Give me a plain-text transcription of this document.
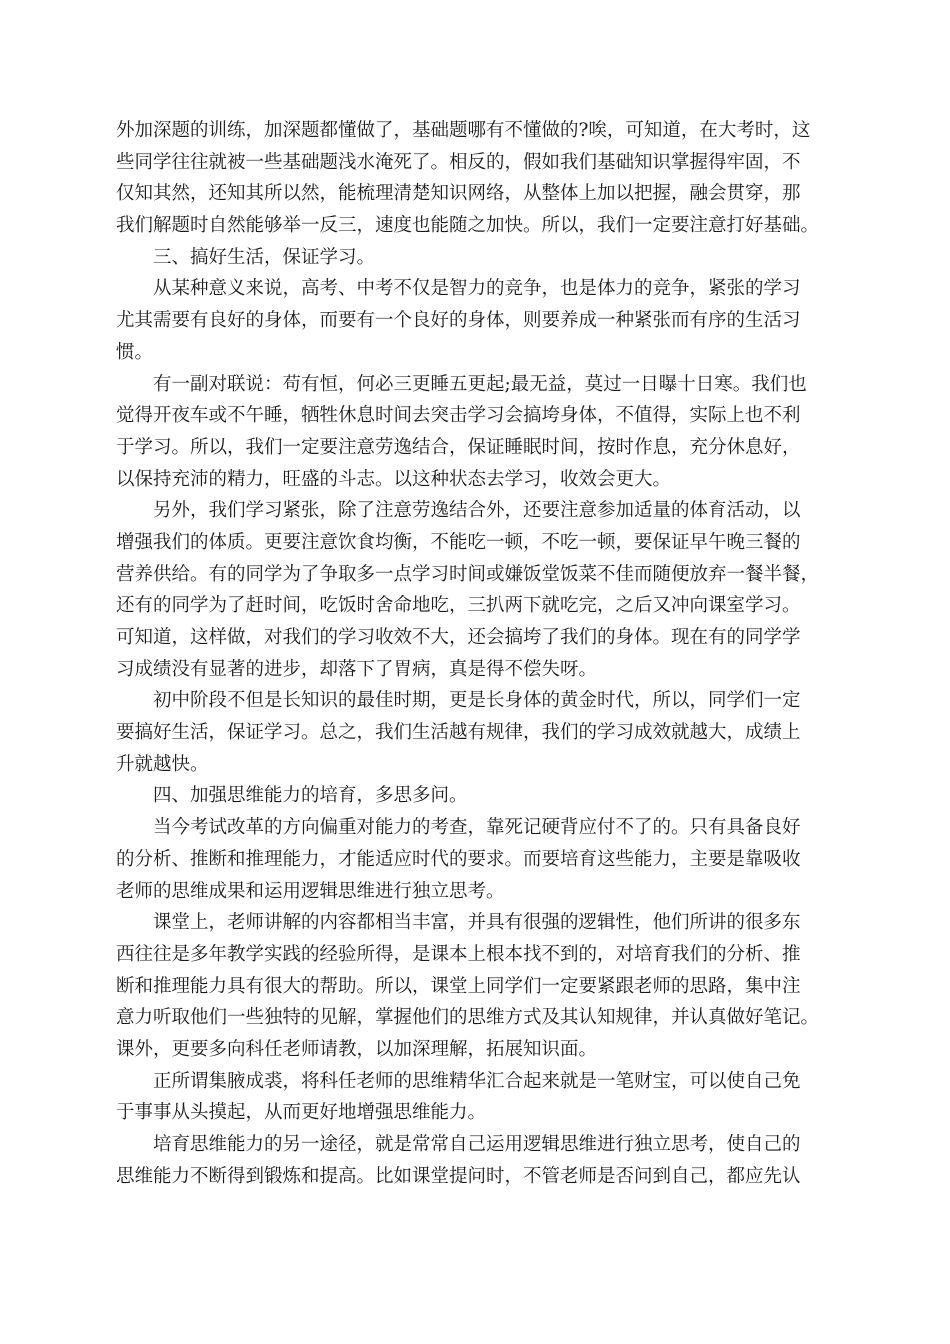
外加深题的训练，加深题都懂做了，基础题哪有不懂做的?唉，可知道，在大考时，这
些同学往往就被一些基础题浅水淹死了。相反的，假如我们基础知识掌握得牢固，不
仅知其然，还知其所以然，能梳理清楚知识网络，从整体上加以把握，融会贯穿，那
我们解题时自然能够举一反三，速度也能随之加快。所以，我们一定要注意打好基础。
三、搞好生活，保证学习。
从某种意义来说，高考、中考不仅是智力的竞争，也是体力的竞争，紧张的学习
尤其需要有良好的身体，而要有一个良好的身体，则要养成一种紧张而有序的生活习
惯。
有一副对联说：苟有恒，何必三更睡五更起;最无益，莫过一日曝十日寒。我们也
觉得开夜车或不午睡，牺牲休息时间去突击学习会搞垮身体，不值得，实际上也不利
于学习。所以，我们一定要注意劳逸结合，保证睡眠时间，按时作息，充分休息好，
以保持充沛的精力，旺盛的斗志。以这种状态去学习，收效会更大。
另外，我们学习紧张，除了注意劳逸结合外，还要注意参加适量的体育活动，以
增强我们的体质。更要注意饮食均衡，不能吃一顿，不吃一顿，要保证早午晚三餐的
营养供给。有的同学为了争取多一点学习时间或嫌饭堂饭菜不佳而随便放弃一餐半餐，
还有的同学为了赶时间，吃饭时舍命地吃，三扒两下就吃完，之后又冲向课室学习。
可知道，这样做，对我们的学习收效不大，还会搞垮了我们的身体。现在有的同学学
习成绩没有显著的进步，却落下了胃病，真是得不偿失呀。
初中阶段不但是长知识的最佳时期，更是长身体的黄金时代，所以，同学们一定
要搞好生活，保证学习。总之，我们生活越有规律，我们的学习成效就越大，成绩上
升就越快。
四、加强思维能力的培育，多思多问。
当今考试改革的方向偏重对能力的考查，靠死记硬背应付不了的。只有具备良好
的分析、推断和推理能力，才能适应时代的要求。而要培育这些能力，主要是靠吸收
老师的思维成果和运用逻辑思维进行独立思考。
课堂上，老师讲解的内容都相当丰富，并具有很强的逻辑性，他们所讲的很多东
西往往是多年教学实践的经验所得，是课本上根本找不到的，对培育我们的分析、推
断和推理能力具有很大的帮助。所以，课堂上同学们一定要紧跟老师的思路，集中注
意力听取他们一些独特的见解，掌握他们的思维方式及其认知规律，并认真做好笔记。
课外，更要多向科任老师请教，以加深理解，拓展知识面。
正所谓集腋成裘，将科任老师的思维精华汇合起来就是一笔财宝，可以使自己免
于事事从头摸起，从而更好地增强思维能力。
培育思维能力的另一途径，就是常常自己运用逻辑思维进行独立思考，使自己的
思维能力不断得到锻炼和提高。比如课堂提问时，不管老师是否问到自己，都应先认
